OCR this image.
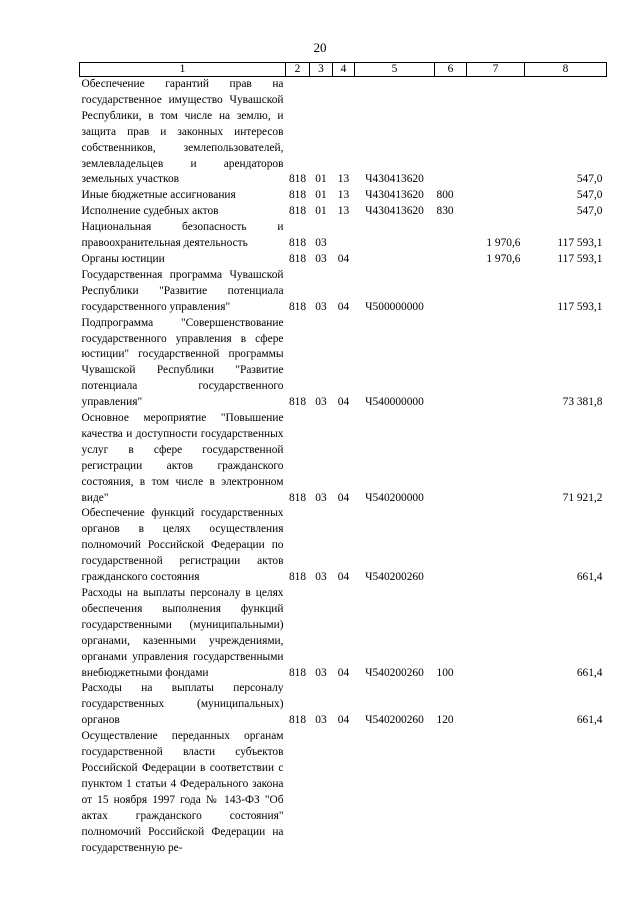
20
1	2	3	4	5	6	7	8
Обеспечение гарантий прав на государственное имущество Чувашской Республики, в том числе на землю, и защита прав и законных интересов собственников, землепользователей, землевладельцев и арендаторов земельных участков	818	01	13	Ч430413620			547,0
Иные бюджетные ассигнования	818	01	13	Ч430413620	800		547,0
Исполнение судебных актов	818	01	13	Ч430413620	830		547,0
Национальная безопасность и правоохранительная деятельность	818	03				1 970,6	117 593,1
Органы юстиции	818	03	04			1 970,6	117 593,1
Государственная программа Чувашской Республики "Развитие потенциала государственного управления"	818	03	04	Ч500000000			117 593,1
Подпрограмма "Совершенствование государственного управления в сфере юстиции" государственной программы Чувашской Республики "Развитие потенциала государственного управления"	818	03	04	Ч540000000			73 381,8
Основное мероприятие "Повышение качества и доступности государственных услуг в сфере государственной регистрации актов гражданского состояния, в том числе в электронном виде"	818	03	04	Ч540200000			71 921,2
Обеспечение функций государственных органов в целях осуществления полномочий Российской Федерации по государственной регистрации актов гражданского состояния	818	03	04	Ч540200260			661,4
Расходы на выплаты персоналу в целях обеспечения выполнения функций государственными (муниципальными) органами, казенными учреждениями, органами управления государственными внебюджетными фондами	818	03	04	Ч540200260	100		661,4
Расходы на выплаты персоналу государственных (муниципальных) органов	818	03	04	Ч540200260	120		661,4
Осуществление переданных органам государственной власти субъектов Российской Федерации в соответствии с пунктом 1 статьи 4 Федерального закона от 15 ноября 1997 года № 143-ФЗ "Об актах гражданского состояния" полномочий Российской Федерации на государственную ре-							
